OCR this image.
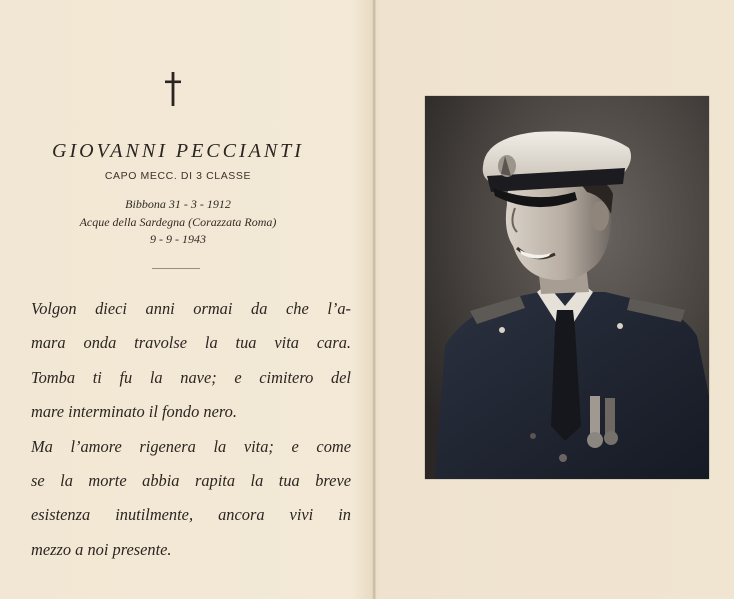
GIOVANNI PECCIANTI
CAPO MECC. DI 3 CLASSE
Bibbona 31 - 3 - 1912
Acque della Sardegna (Corazzata Roma)
9 - 9 - 1943
Volgon dieci anni ormai da che l’a-
mara onda travolse la tua vita cara.
Tomba ti fu la nave; e cimitero del
mare interminato il fondo nero.
Ma l’amore rigenera la vita; e come
se la morte abbia rapita la tua breve
esistenza inutilmente, ancora vivi in
mezzo a noi presente.
